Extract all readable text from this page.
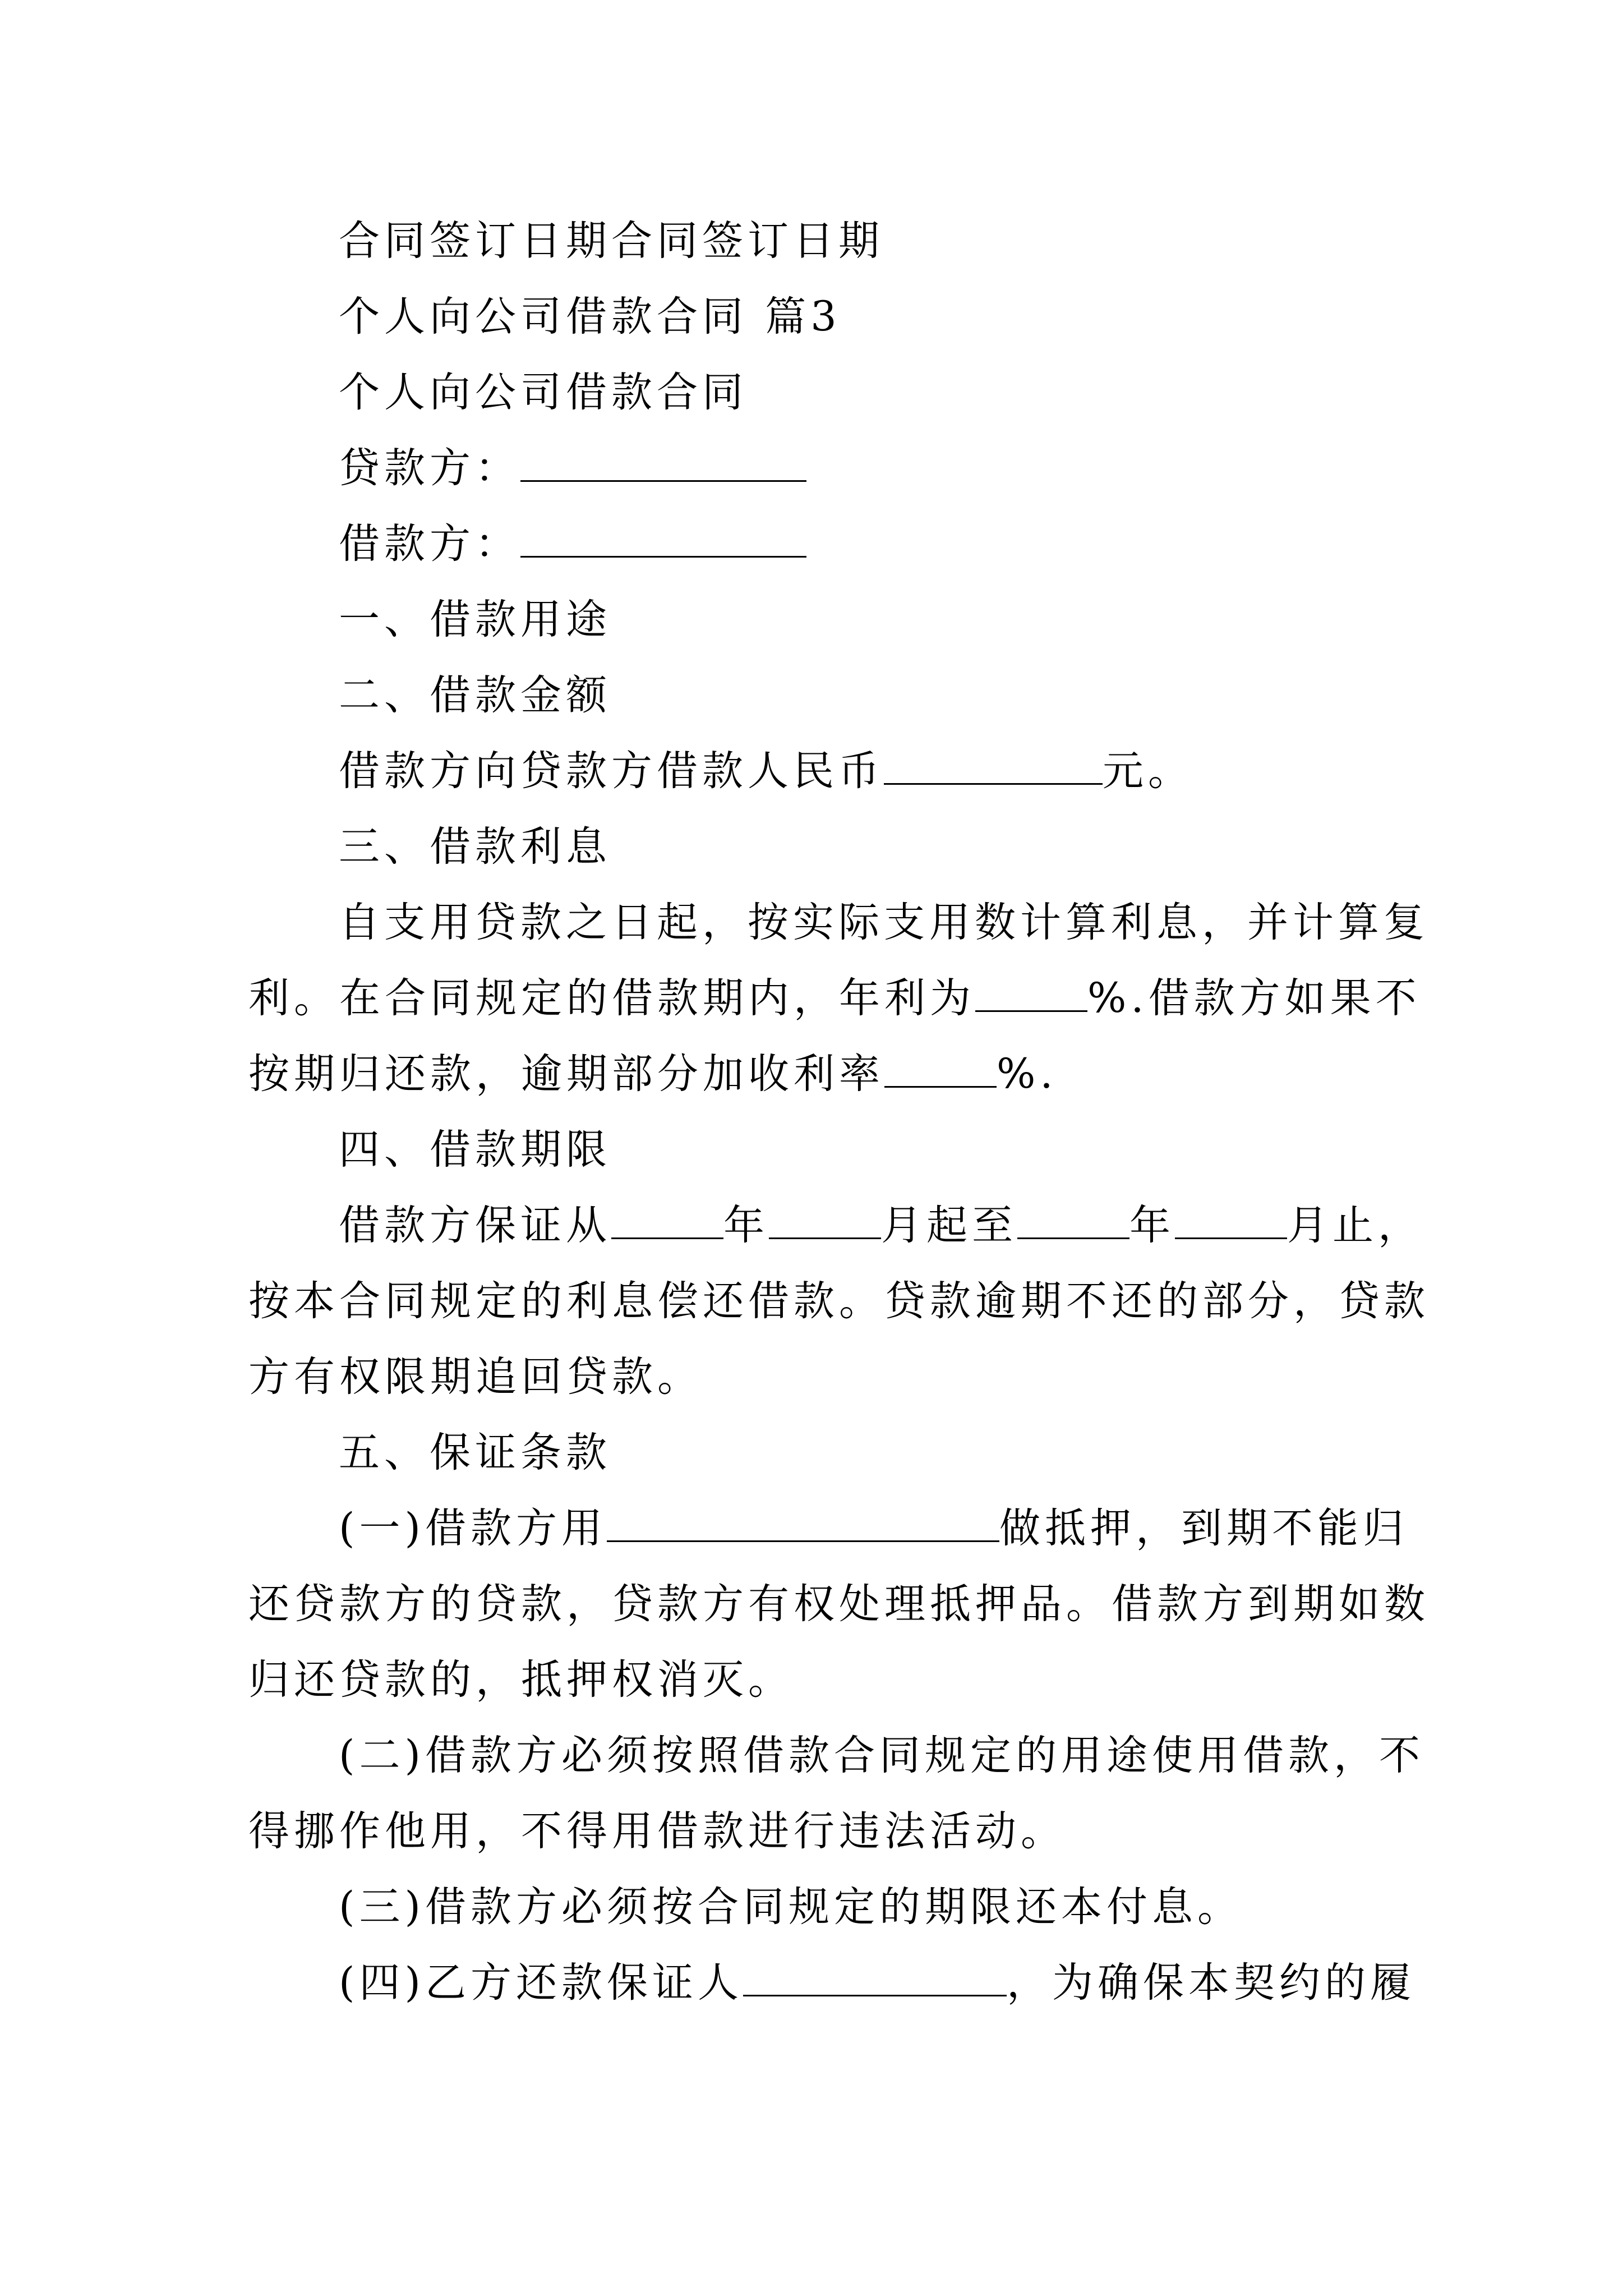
合同签订日期合同签订日期
个人向公司借款合同 篇3
个人向公司借款合同
贷款方：
借款方：
一、借款用途
二、借款金额
借款方向贷款方借款人民币	元。
三、借款利息
自支用贷款之日起，按实际支用数计算利息，并计算复
利。在合同规定的借款期内，年利为	%.借款方如果不
按期归还款，逾期部分加收利率	%.
四、借款期限
借款方保证从	年	月起至	年	月止，
按本合同规定的利息偿还借款。贷款逾期不还的部分，贷款
方有权限期追回贷款。
五、保证条款
(一)借款方用	做抵押，到期不能归
还贷款方的贷款，贷款方有权处理抵押品。借款方到期如数
归还贷款的，抵押权消灭。
(二)借款方必须按照借款合同规定的用途使用借款，不
得挪作他用，不得用借款进行违法活动。
(三)借款方必须按合同规定的期限还本付息。
(四)乙方还款保证人	，为确保本契约的履
